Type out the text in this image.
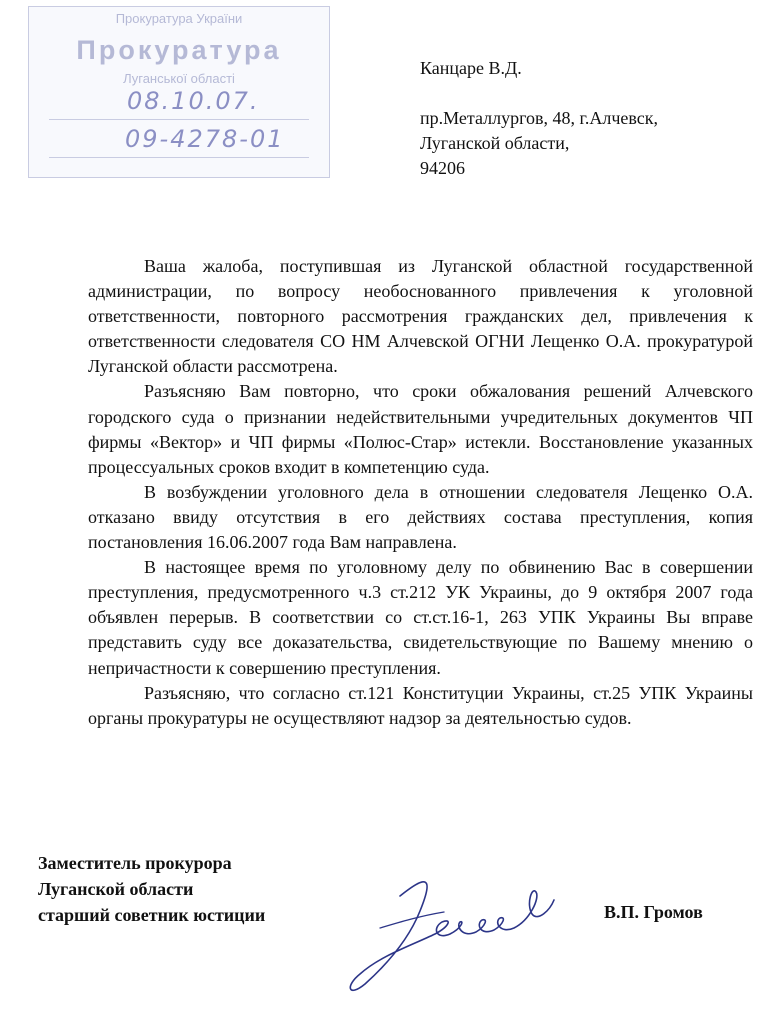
Прокуратура України
Прокуратура
Луганської області
08.10.07.
09-4278-01
Канцаре В.Д.
пр.Металлургов, 48, г.Алчевск,
Луганской области,
94206

Ваша жалоба, поступившая из Луганской областной государственной администрации, по вопросу необоснованного привлечения к уголовной ответственности, повторного рассмотрения гражданских дел, привлечения к ответственности следователя СО НМ Алчевской ОГНИ Лещенко О.А. прокуратурой Луганской области рассмотрена.

Разъясняю Вам повторно, что сроки обжалования решений Алчевского городского суда о признании недействительными учредительных документов ЧП фирмы «Вектор» и ЧП фирмы «Полюс-Стар» истекли. Восстановление указанных процессуальных сроков входит в компетенцию суда.

В возбуждении уголовного дела в отношении следователя Лещенко О.А. отказано ввиду отсутствия в его действиях состава преступления, копия постановления 16.06.2007 года Вам направлена.

В настоящее время по уголовному делу по обвинению Вас в совершении преступления, предусмотренного ч.3 ст.212 УК Украины, до 9 октября 2007 года объявлен перерыв. В соответствии со ст.ст.16-1, 263 УПК Украины Вы вправе представить суду все доказательства, свидетельствующие по Вашему мнению о непричастности к совершению преступления.

Разъясняю, что согласно ст.121 Конституции Украины, ст.25 УПК Украины органы прокуратуры не осуществляют надзор за деятельностью судов.

Заместитель прокурора
Луганской области
старший советник юстиции	В.П. Громов
